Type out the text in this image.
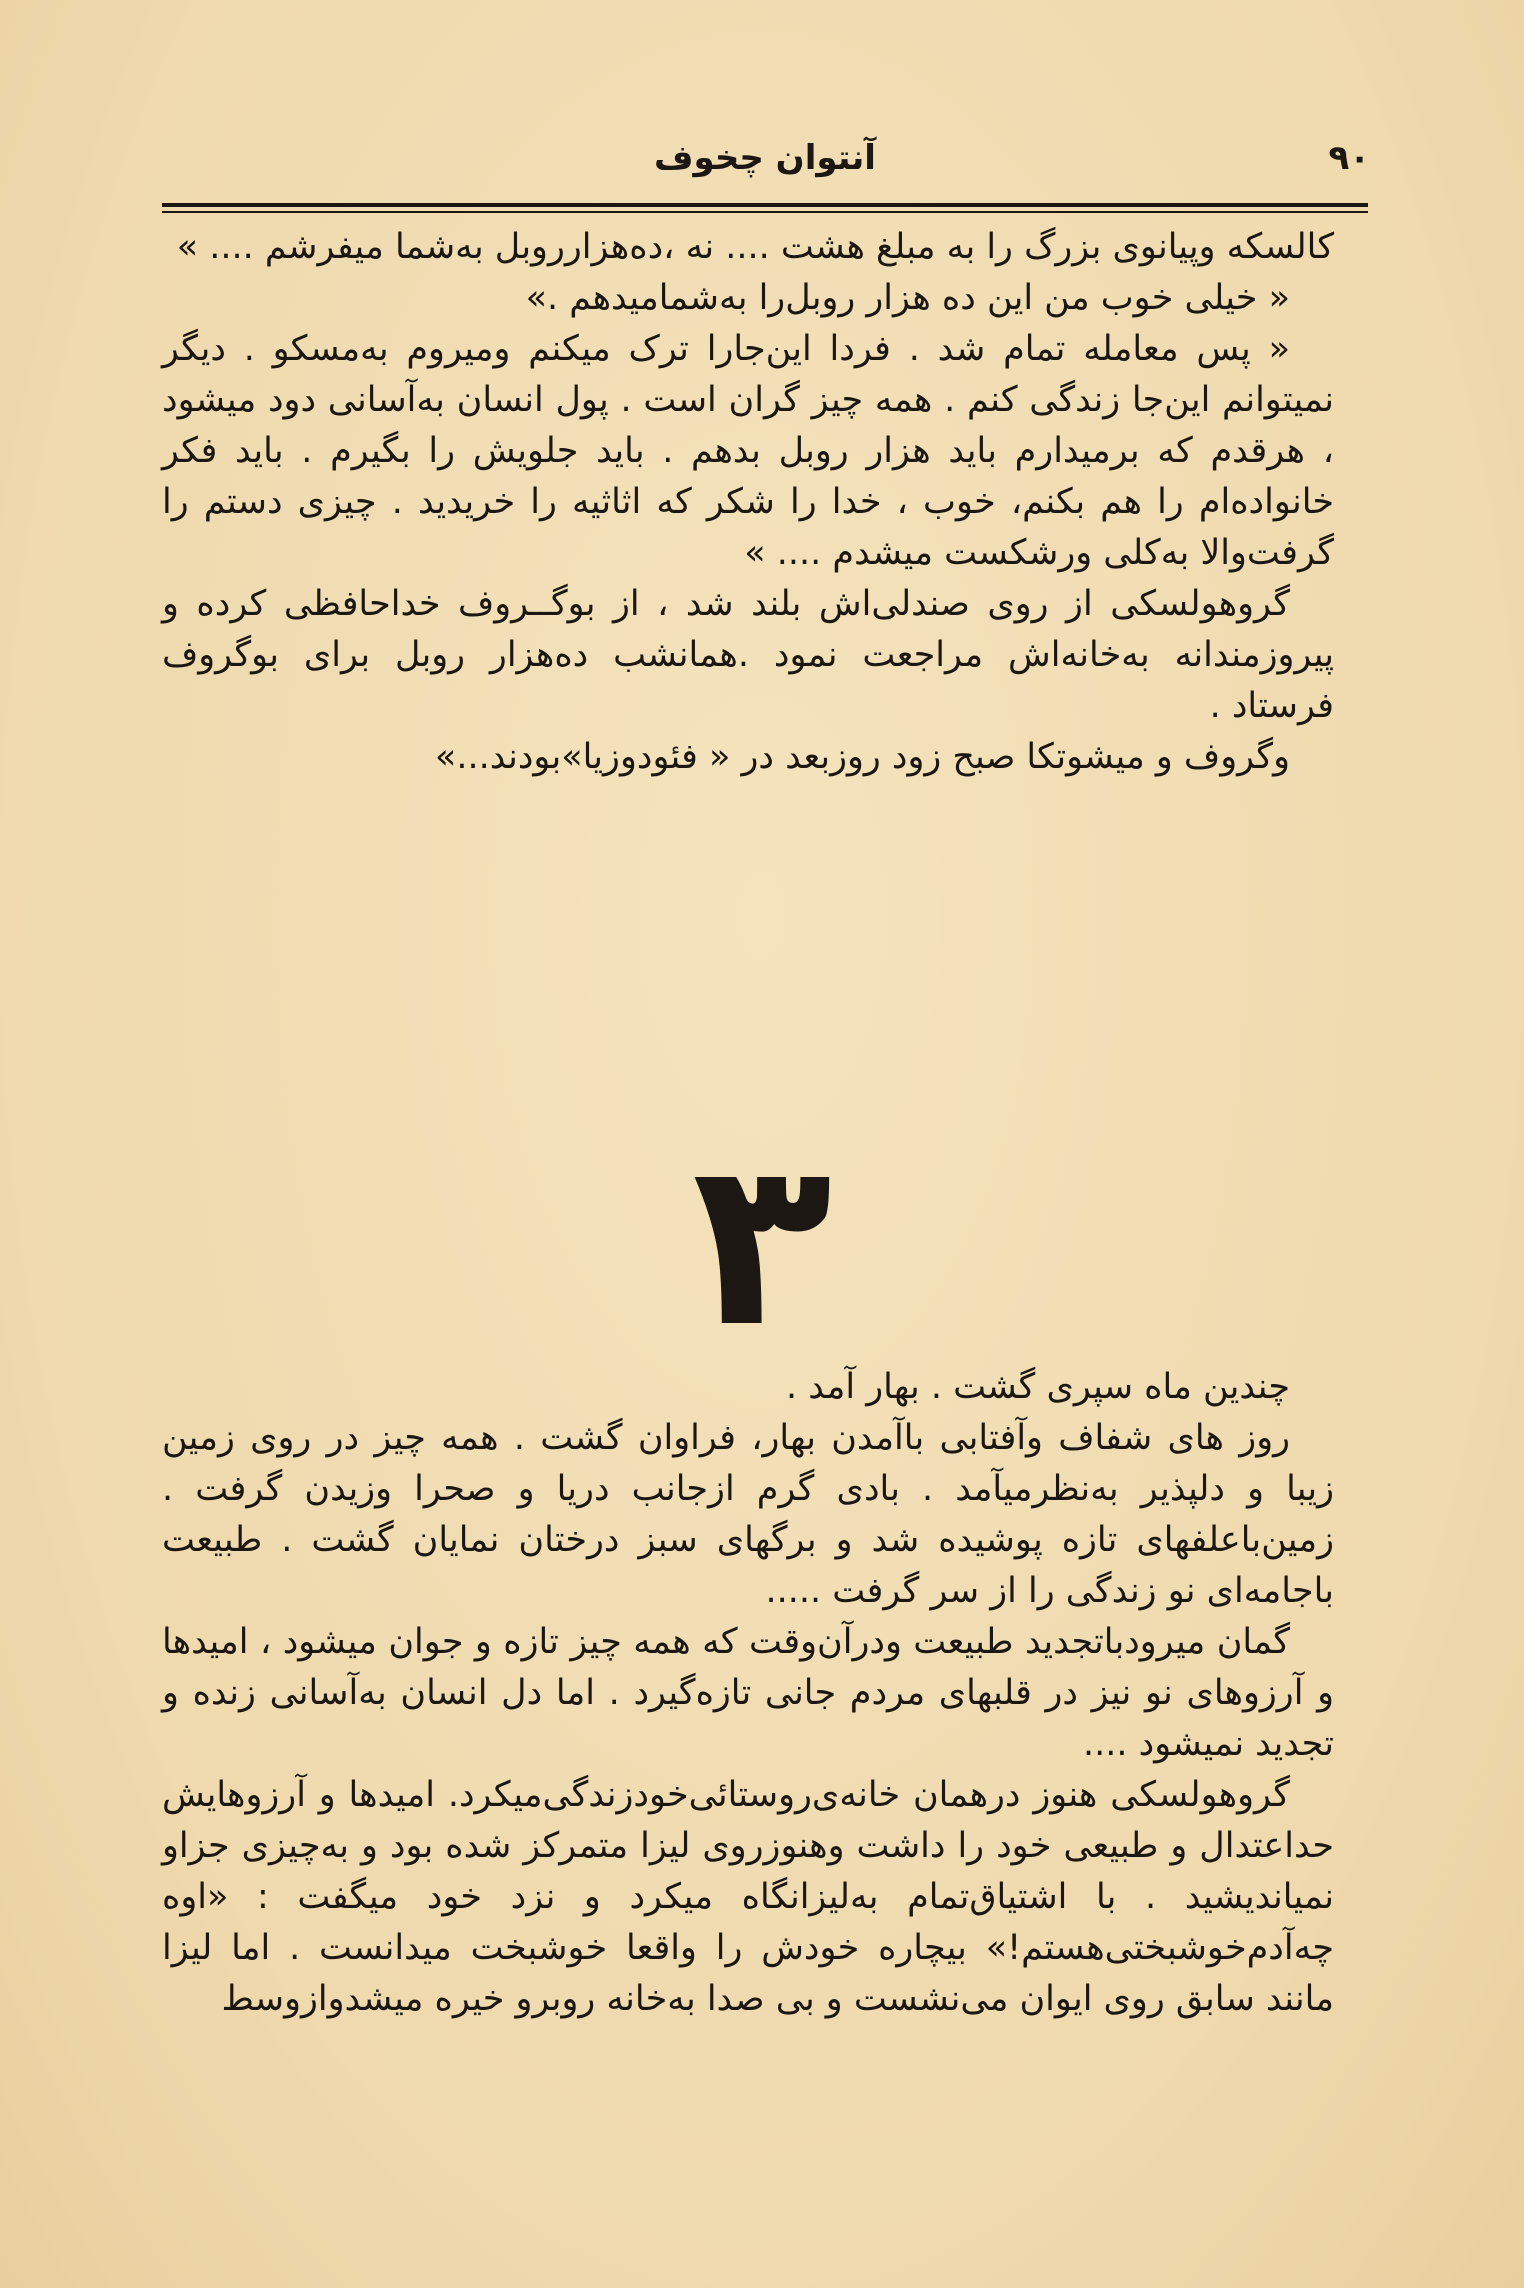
۹۰
آنتوان چخوف

کالسکه وپیانوی بزرگ را به مبلغ هشت .... نه ،ده‌هزارروبل به‌شما میفرشم .... »

« خیلی خوب من این ده هزار روبل‌را به‌شمامیدهم .»

« پس معامله تمام شد . فردا این‌جارا ترک میکنم ومیروم به‌مسکو . دیگر نمیتوانم این‌جا زندگی کنم . همه چیز گران است . پول انسان به‌آسانی دود میشود ، هرقدم که برمیدارم باید هزار روبل بدهم . باید جلویش را بگیرم . باید فکر خانواده‌ام را هم بکنم، خوب ، خدا را شکر که اثاثیه را خریدید . چیزی دستم را گرفت‌والا به‌کلی ورشکست میشدم .... »

گروهولسکی از روی صندلی‌اش بلند شد ، از بوگــروف خداحافظی کرده و پیروزمندانه به‌خانه‌اش مراجعت نمود .همانشب ده‌هزار روبل برای بوگروف فرستاد .

وگروف و میشوتکا صبح زود روزبعد در « فئودوزیا»بودند...»

۳

چندین ماه سپری گشت . بهار آمد .

روز های شفاف وآفتابی باآمدن بهار، فراوان گشت . همه چیز در روی زمین زیبا و دلپذیر به‌نظرمیآمد . بادی گرم ازجانب دریا و صحرا وزیدن گرفت . زمین‌باعلفهای تازه پوشیده شد و برگهای سبز درختان نمایان گشت . طبیعت باجامه‌ای نو زندگی را از سر گرفت .....

گمان میرودباتجدید طبیعت ودرآن‌وقت که همه چیز تازه و جوان میشود ، امیدها و آرزوهای نو نیز در قلبهای مردم جانی تازه‌گیرد . اما دل انسان به‌آسانی زنده و تجدید نمیشود ....

گروهولسکی هنوز درهمان خانه‌ی‌روستائی‌خودزندگی‌میکرد. امیدها و آرزوهایش حداعتدال و طبیعی خود را داشت وهنوزروی لیزا متمرکز شده بود و به‌چیزی جزاو نمیاندیشید . با اشتیاق‌تمام به‌لیزانگاه میکرد و نزد خود میگفت : «اوه چه‌آدم‌خوشبختی‌هستم!» بیچاره خودش را واقعا خوشبخت میدانست . اما لیزا مانند سابق روی ایوان می‌نشست و بی صدا به‌خانه روبرو خیره میشدوازوسط
